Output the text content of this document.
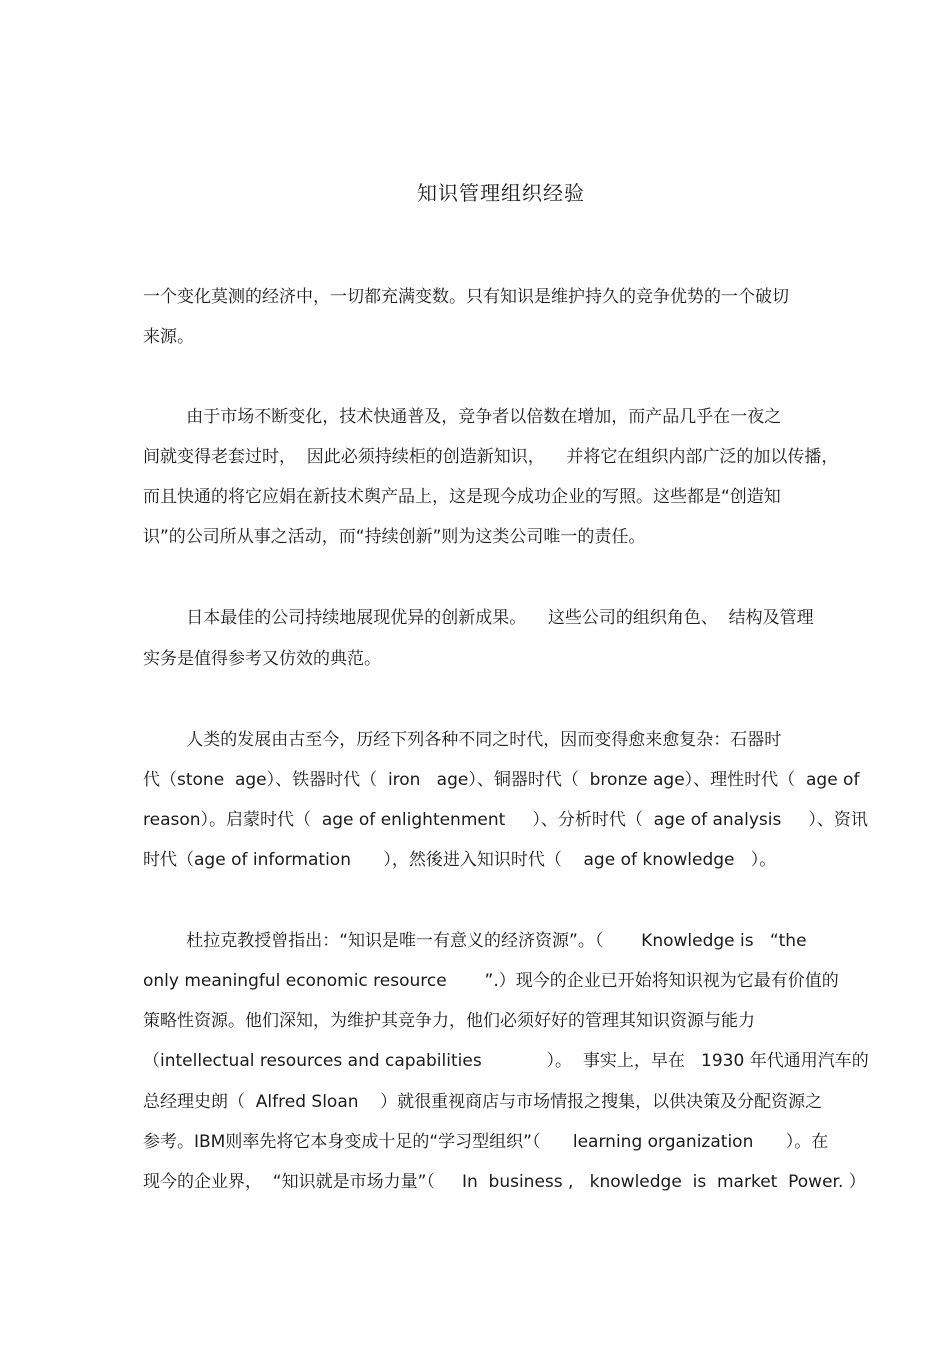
知识管理组织经验
一个变化莫测的经济中，一切都充满变数。只有知识是维护持久的竞争优势的一个破切
来源。
由于市场不断变化，技术快通普及，竞争者以倍数在增加，而产品几乎在一夜之
间就变得老套过时，  因此必须持续柜的创造新知识，    并将它在组织内部广泛的加以传播，
而且快通的将它应娟在新技术舆产品上，这是现今成功企业的写照。这些都是“创造知
识”的公司所从事之活动，而“持续创新”则为这类公司唯一的责任。
日本最佳的公司持续地展现优异的创新成果。    这些公司的组织角色、  结构及管理
实务是值得参考又仿效的典范。
人类的发展由古至今，历经下列各种不同之时代，因而变得愈来愈复杂：石器时
代（stone  age）、铁器时代（  iron   age）、铜器时代（  bronze age）、理性时代（  age of
reason）。启蒙时代（  age of enlightenment     ）、分析时代（  age of analysis     ）、资讯
时代（age of information      ），然後进入知识时代（    age of knowledge   ）。
杜拉克教授曾指出：“知识是唯一有意义的经济资源”。（       Knowledge is   “the
only meaningful economic resource       ”.）现今的企业已开始将知识视为它最有价值的
策略性资源。他们深知，为维护其竞争力，他们必须好好的管理其知识资源与能力
（intellectual resources and capabilities            ）。  事实上，早在   1930 年代通用汽车的
总经理史朗（  Alfred Sloan    ）就很重视商店与市场情报之搜集，以供决策及分配资源之
参考。IBM则率先将它本身变成十足的“学习型组织”（      learning organization      ）。在
现今的企业界，  “知识就是市场力量”（     In  business ,   knowledge  is  market  Power. ）
